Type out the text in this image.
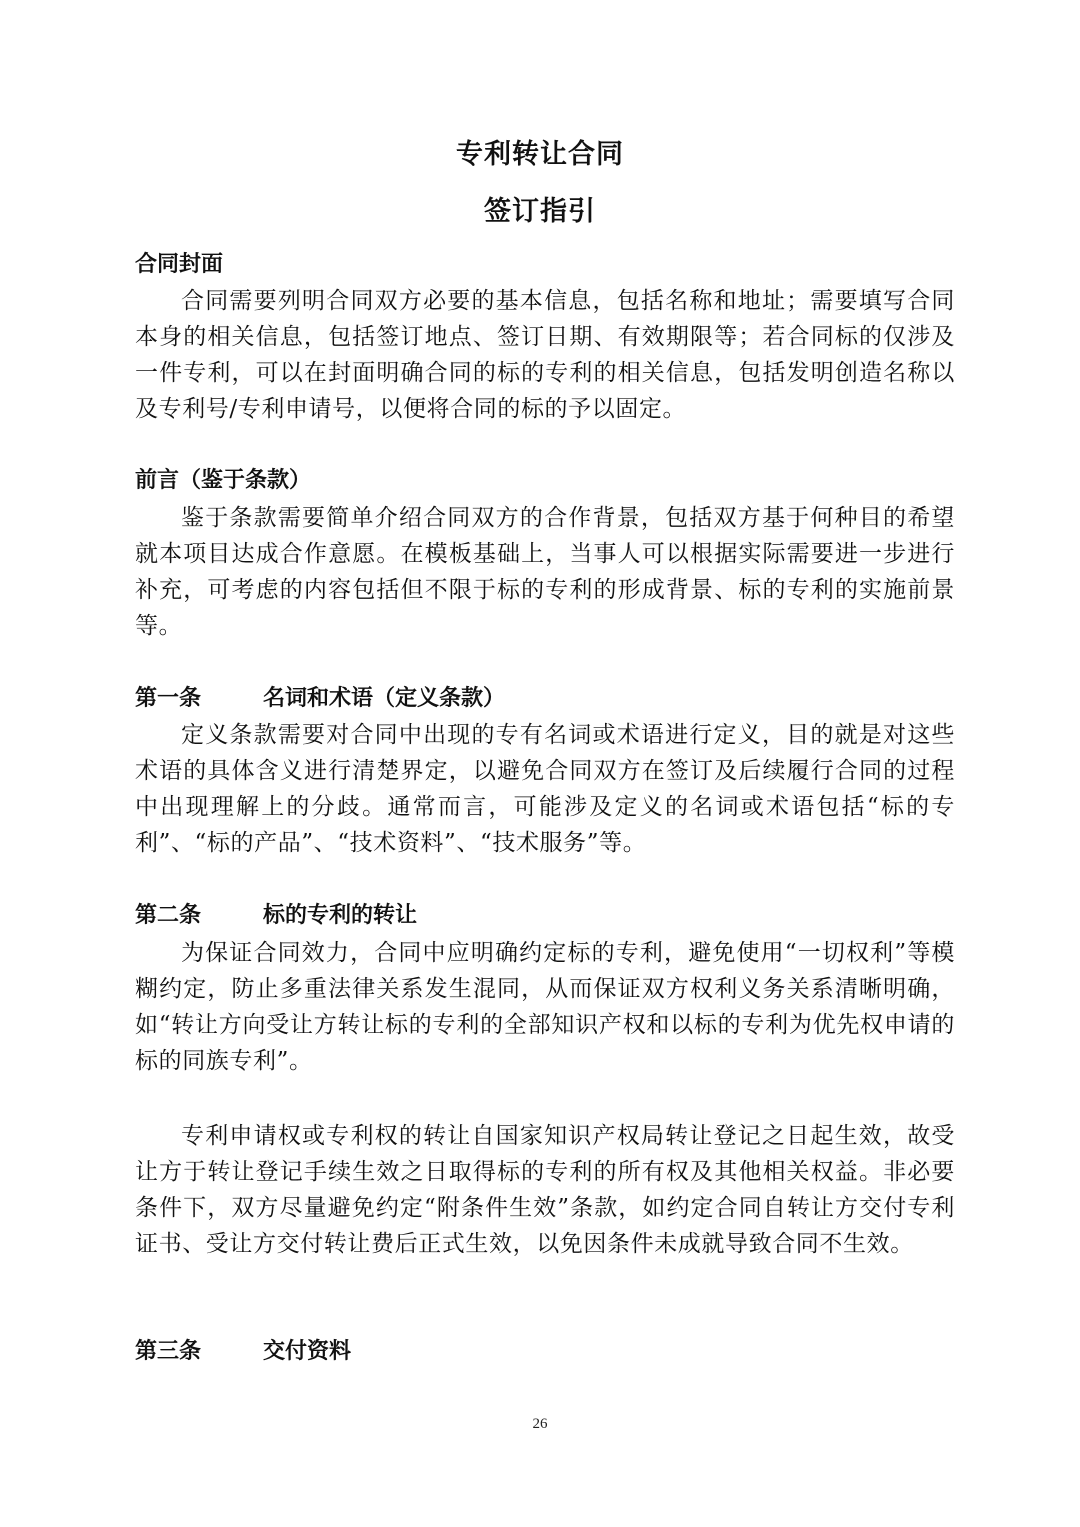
专利转让合同
签订指引
合同封面
合同需要列明合同双方必要的基本信息，包括名称和地址；需要填写合同本身的相关信息，包括签订地点、签订日期、有效期限等；若合同标的仅涉及一件专利，可以在封面明确合同的标的专利的相关信息，包括发明创造名称以及专利号/专利申请号，以便将合同的标的予以固定。
前言（鉴于条款）
鉴于条款需要简单介绍合同双方的合作背景，包括双方基于何种目的希望就本项目达成合作意愿。在模板基础上，当事人可以根据实际需要进一步进行补充，可考虑的内容包括但不限于标的专利的形成背景、标的专利的实施前景等。
第一条	名词和术语（定义条款）
定义条款需要对合同中出现的专有名词或术语进行定义，目的就是对这些术语的具体含义进行清楚界定，以避免合同双方在签订及后续履行合同的过程中出现理解上的分歧。通常而言，可能涉及定义的名词或术语包括“标的专利”、“标的产品”、“技术资料”、“技术服务”等。
第二条	标的专利的转让
为保证合同效力，合同中应明确约定标的专利，避免使用“一切权利”等模糊约定，防止多重法律关系发生混同，从而保证双方权利义务关系清晰明确，如“转让方向受让方转让标的专利的全部知识产权和以标的专利为优先权申请的标的同族专利”。
专利申请权或专利权的转让自国家知识产权局转让登记之日起生效，故受让方于转让登记手续生效之日取得标的专利的所有权及其他相关权益。非必要条件下，双方尽量避免约定“附条件生效”条款，如约定合同自转让方交付专利证书、受让方交付转让费后正式生效，以免因条件未成就导致合同不生效。
第三条	交付资料
26
